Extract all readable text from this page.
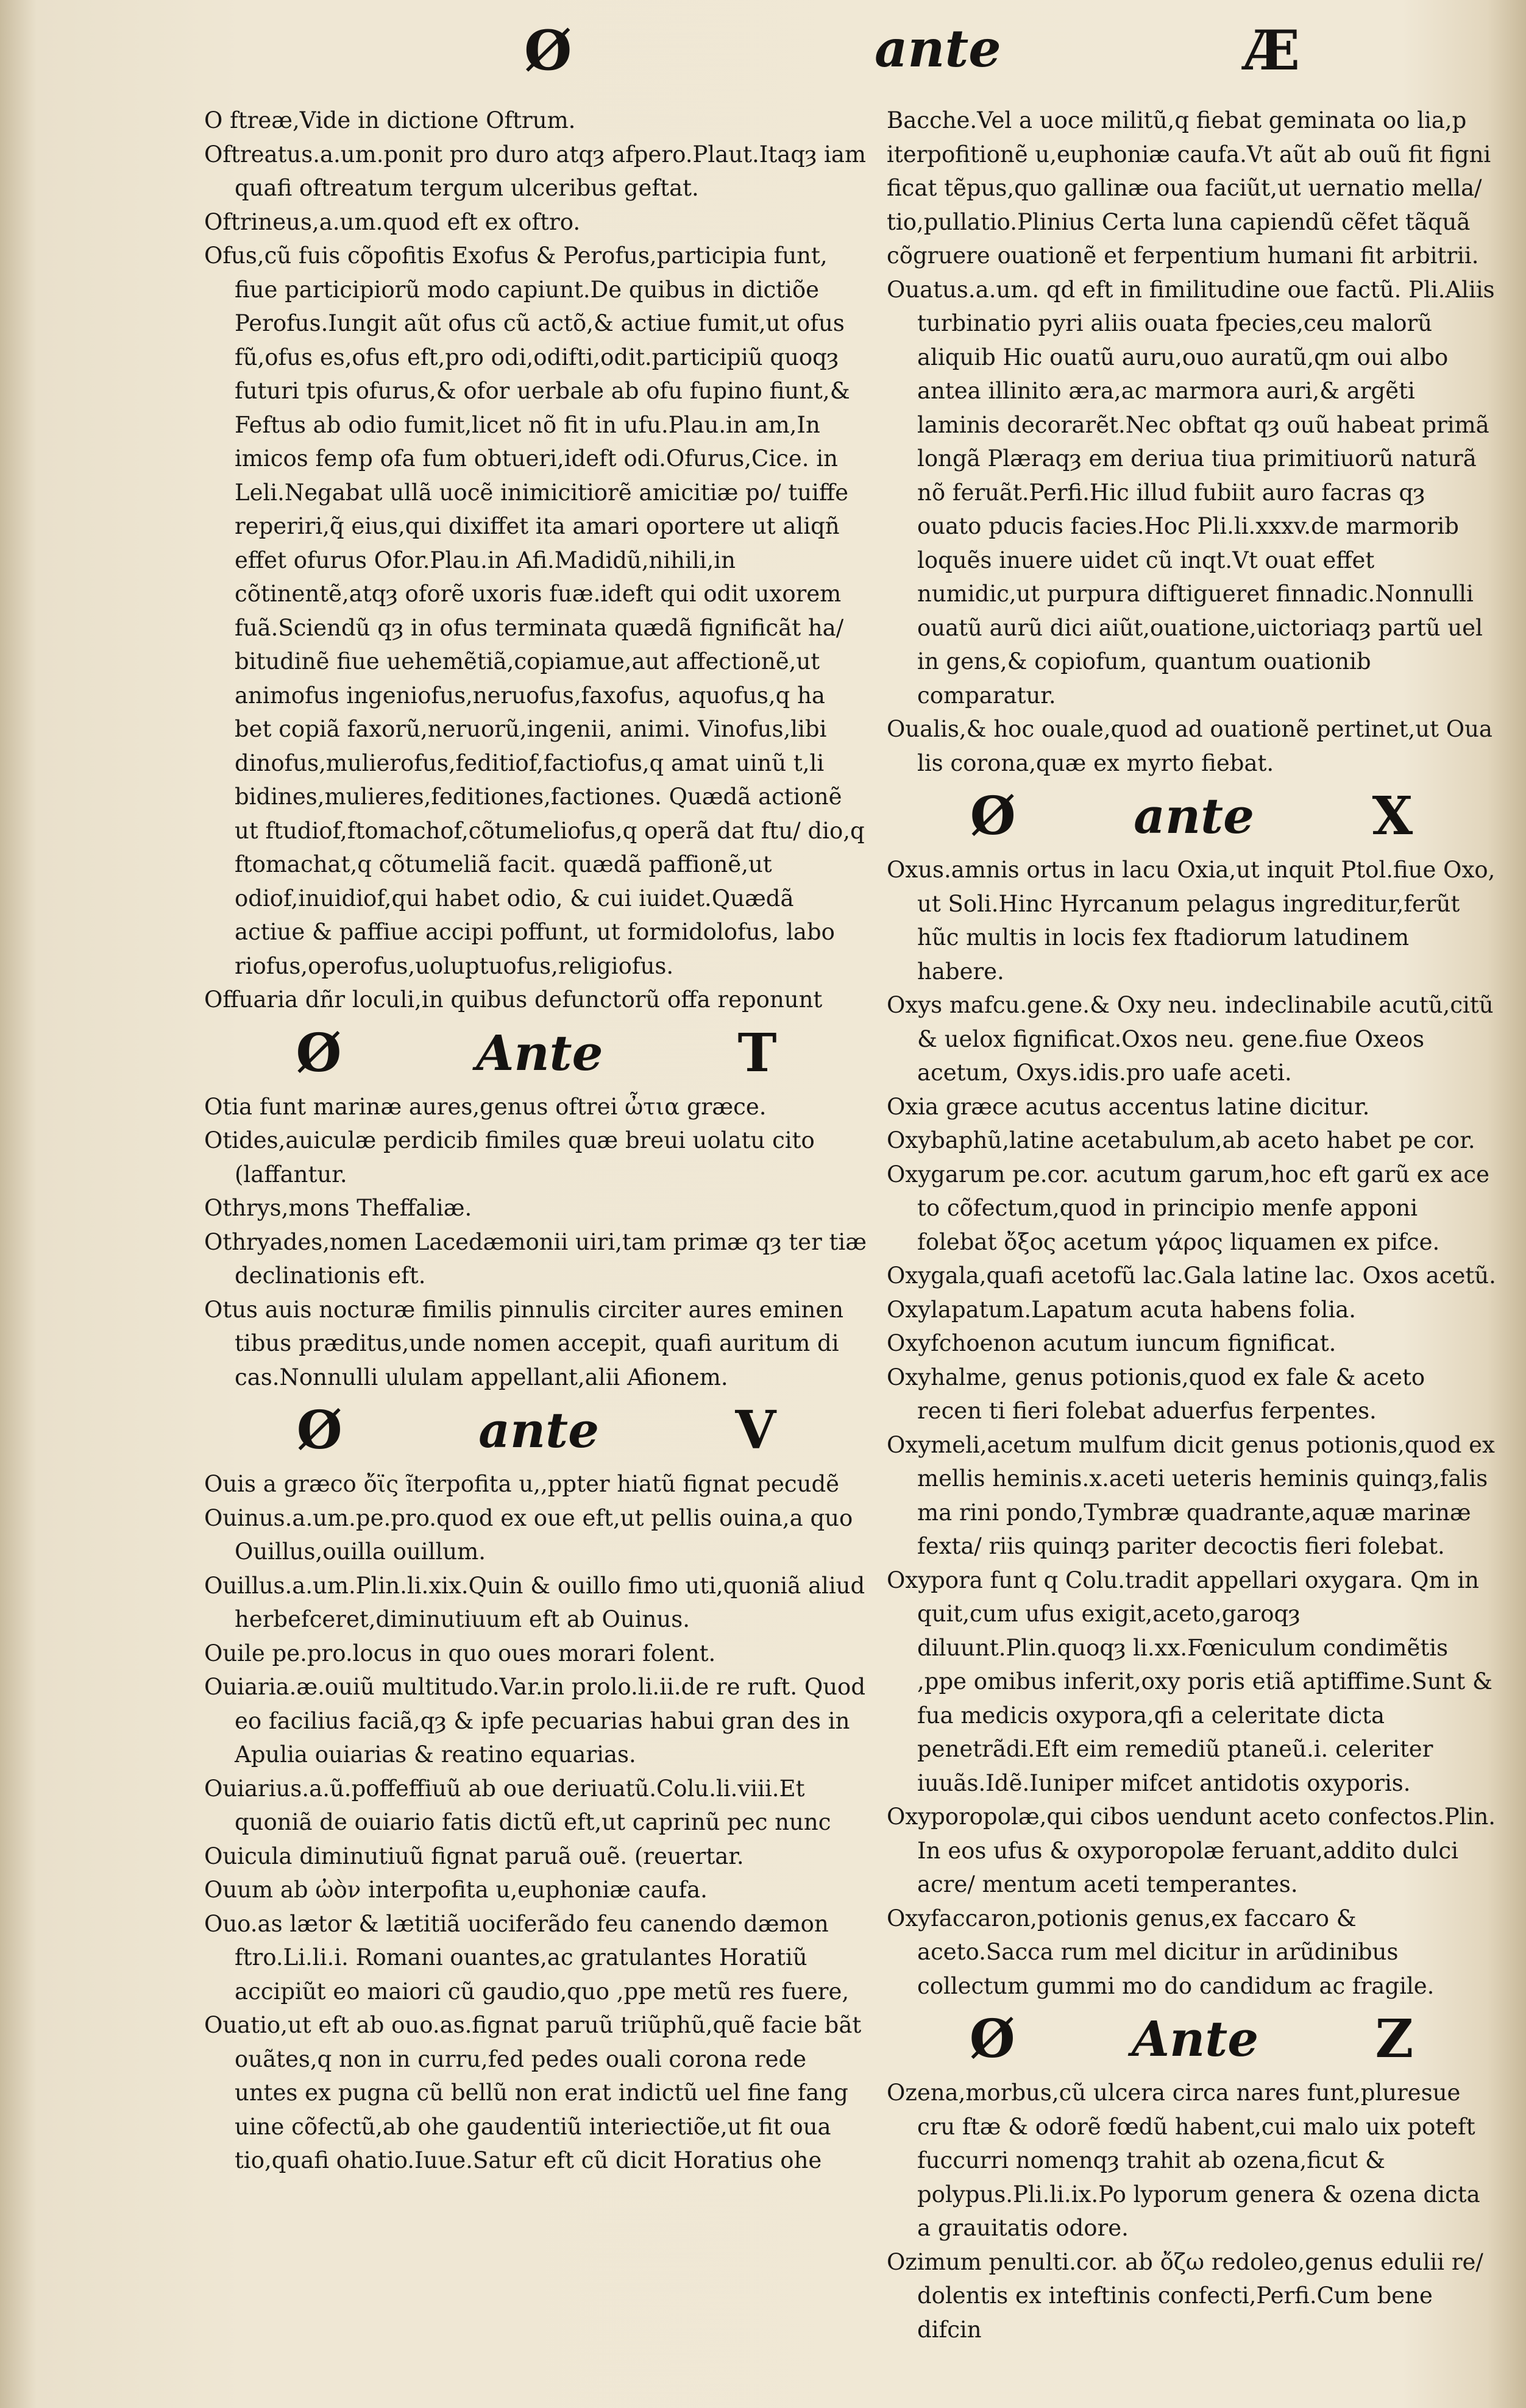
Ø	ante	Æ

O ftreæ,Vide in dictione Oftrum.

Oftreatus.a.um.ponit pro duro atqȝ afpero.Plaut.Itaqȝ iam quafi oftreatum tergum ulceribus geftat.

Oftrineus,a.um.quod eft ex oftro.

Ofus,cũ fuis cõpofitis Exofus & Perofus,participia funt, fiue participiorũ modo capiunt.De quibus in dictiõe Perofus.Iungit aũt ofus cũ actõ,& actiue fumit,ut ofus fũ,ofus es,ofus eft,pro odi,odifti,odit.participiũ quoqȝ futuri tpis ofurus,& ofor uerbale ab ofu fupino fiunt,& Feftus ab odio fumit,licet nõ fit in ufu.Plau.in am,In imicos femp ofa fum obtueri,ideft odi.Ofurus,Cice. in Leli.Negabat ullã uocẽ inimicitiorẽ amicitiæ po/ tuiffe reperiri,q̃ eius,qui dixiffet ita amari oportere ut aliqñ effet ofurus Ofor.Plau.in Afi.Madidũ,nihili,in cõtinentẽ,atqȝ oforẽ uxoris fuæ.ideft qui odit uxorem fuã.Sciendũ qȝ in ofus terminata quædã fignificãt ha/ bitudinẽ fiue uehemẽtiã,copiamue,aut affectionẽ,ut animofus ingeniofus,neruofus,faxofus, aquofus,q ha bet copiã faxorũ,neruorũ,ingenii, animi. Vinofus,libi dinofus,mulierofus,feditiof,factiofus,q amat uinũ t,li bidines,mulieres,feditiones,factiones. Quædã actionẽ ut ftudiof,ftomachof,cõtumeliofus,q operã dat ftu/ dio,q ftomachat,q cõtumeliã facit. quædã paffionẽ,ut odiof,inuidiof,qui habet odio, & cui iuidet.Quædã actiue & paffiue accipi poffunt, ut formidolofus, labo riofus,operofus,uoluptuofus,religiofus.

Offuaria dñr loculi,in quibus defunctorũ offa reponunt

Ø	Ante	T

Otia funt marinæ aures,genus oftrei ὦτια græce.

Otides,auiculæ perdicib fimiles quæ breui uolatu cito (laffantur.

Othrys,mons Theffaliæ.

Othryades,nomen Lacedæmonii uiri,tam primæ qȝ ter tiæ declinationis eft.

Otus auis nocturæ fimilis pinnulis circiter aures eminen tibus præditus,unde nomen accepit, quafi auritum di cas.Nonnulli ululam appellant,alii Afionem.

Ø	ante	V

Ouis a græco ὄϊς ĩterpofita u,,ppter hiatũ fignat pecudẽ

Ouinus.a.um.pe.pro.quod ex oue eft,ut pellis ouina,a quo Ouillus,ouilla ouillum.

Ouillus.a.um.Plin.li.xix.Quin & ouillo fimo uti,quoniã aliud herbefceret,diminutiuum eft ab Ouinus.

Ouile pe.pro.locus in quo oues morari folent.

Ouiaria.æ.ouiũ multitudo.Var.in prolo.li.ii.de re ruft. Quod eo facilius faciã,qȝ & ipfe pecuarias habui gran des in Apulia ouiarias & reatino equarias.

Ouiarius.a.ũ.poffeffiuũ ab oue deriuatũ.Colu.li.viii.Et quoniã de ouiario fatis dictũ eft,ut caprinũ pec nunc

Ouicula diminutiuũ fignat paruã ouẽ. (reuertar.

Ouum ab ὠὸν interpofita u,euphoniæ caufa.

Ouo.as lætor & lætitiã uociferãdo feu canendo dæmon ftro.Li.li.i. Romani ouantes,ac gratulantes Horatiũ accipiũt eo maiori cũ gaudio,quo ,ppe metũ res fuere,

Ouatio,ut eft ab ouo.as.fignat paruũ triũphũ,quẽ facie bãt ouãtes,q non in curru,fed pedes ouali corona rede untes ex pugna cũ bellũ non erat indictũ uel fine fang uine cõfectũ,ab ohe gaudentiũ interiectiõe,ut fit oua tio,quafi ohatio.Iuue.Satur eft cũ dicit Horatius ohe

Bacche.Vel a uoce militũ,q fiebat geminata oo lia,p iterpofitionẽ u,euphoniæ caufa.Vt aũt ab ouũ fit figni ficat tẽpus,quo gallinæ oua faciũt,ut uernatio mella/ tio,pullatio.Plinius Certa luna capiendũ cẽfet tãquã cõgruere ouationẽ et ferpentium humani fit arbitrii.

Ouatus.a.um. qd eft in fimilitudine oue factũ. Pli.Aliis turbinatio pyri aliis ouata fpecies,ceu malorũ aliquib Hic ouatũ auru,ouo auratũ,qm oui albo antea illinito æra,ac marmora auri,& argẽti laminis decorarẽt.Nec obftat qȝ ouũ habeat primã longã Plæraqȝ em deriua tiua primitiuorũ naturã nõ feruãt.Perfi.Hic illud fubiit auro facras qȝ ouato pducis facies.Hoc Pli.li.xxxv.de marmorib loquẽs inuere uidet cũ inqt.Vt ouat effet numidic,ut purpura diftigueret finnadic.Nonnulli ouatũ aurũ dici aiũt,ouatione,uictoriaqȝ partũ uel in gens,& copiofum, quantum ouationib comparatur.

Oualis,& hoc ouale,quod ad ouationẽ pertinet,ut Oua lis corona,quæ ex myrto fiebat.

Ø ante X

Oxus.amnis ortus in lacu Oxia,ut inquit Ptol.fiue Oxo, ut Soli.Hinc Hyrcanum pelagus ingreditur,ferũt hũc multis in locis fex ftadiorum latudinem habere.

Oxys mafcu.gene.& Oxy neu. indeclinabile acutũ,citũ & uelox fignificat.Oxos neu. gene.fiue Oxeos acetum, Oxys.idis.pro uafe aceti.

Oxia græce acutus accentus latine dicitur.

Oxybaphũ,latine acetabulum,ab aceto habet pe cor.

Oxygarum pe.cor. acutum garum,hoc eft garũ ex ace to cõfectum,quod in principio menfe apponi folebat ὄξος acetum γάρος liquamen ex pifce.

Oxygala,quafi acetofũ lac.Gala latine lac. Oxos acetũ.

Oxylapatum.Lapatum acuta habens folia.

Oxyfchoenon acutum iuncum fignificat.

Oxyhalme, genus potionis,quod ex fale & aceto recen ti fieri folebat aduerfus ferpentes.

Oxymeli,acetum mulfum dicit genus potionis,quod ex mellis heminis.x.aceti ueteris heminis quinqȝ,falis ma rini pondo,Tymbræ quadrante,aquæ marinæ fexta/ riis quinqȝ pariter decoctis fieri folebat.

Oxypora funt q Colu.tradit appellari oxygara. Qm in quit,cum ufus exigit,aceto,garoqȝ diluunt.Plin.quoqȝ li.xx.Fœniculum condimẽtis ,ppe omibus inferit,oxy poris etiã aptiffime.Sunt & fua medicis oxypora,qfi a celeritate dicta penetrãdi.Eft eim remediũ ptaneũ.i. celeriter iuuãs.Idẽ.Iuniper mifcet antidotis oxyporis.

Oxyporopolæ,qui cibos uendunt aceto confectos.Plin. In eos ufus & oxyporopolæ feruant,addito dulci acre/ mentum aceti temperantes.

Oxyfaccaron,potionis genus,ex faccaro & aceto.Sacca rum mel dicitur in arũdinibus collectum gummi mo do candidum ac fragile.

Ø Ante Z

Ozena,morbus,cũ ulcera circa nares funt,pluresue cru ftæ & odorẽ fœdũ habent,cui malo uix poteft fuccurri nomenqȝ trahit ab ozena,ficut & polypus.Pli.li.ix.Po lyporum genera & ozena dicta a grauitatis odore.

Ozimum penulti.cor. ab ὄζω redoleo,genus edulii re/ dolentis ex inteftinis confecti,Perfi.Cum bene difcin
